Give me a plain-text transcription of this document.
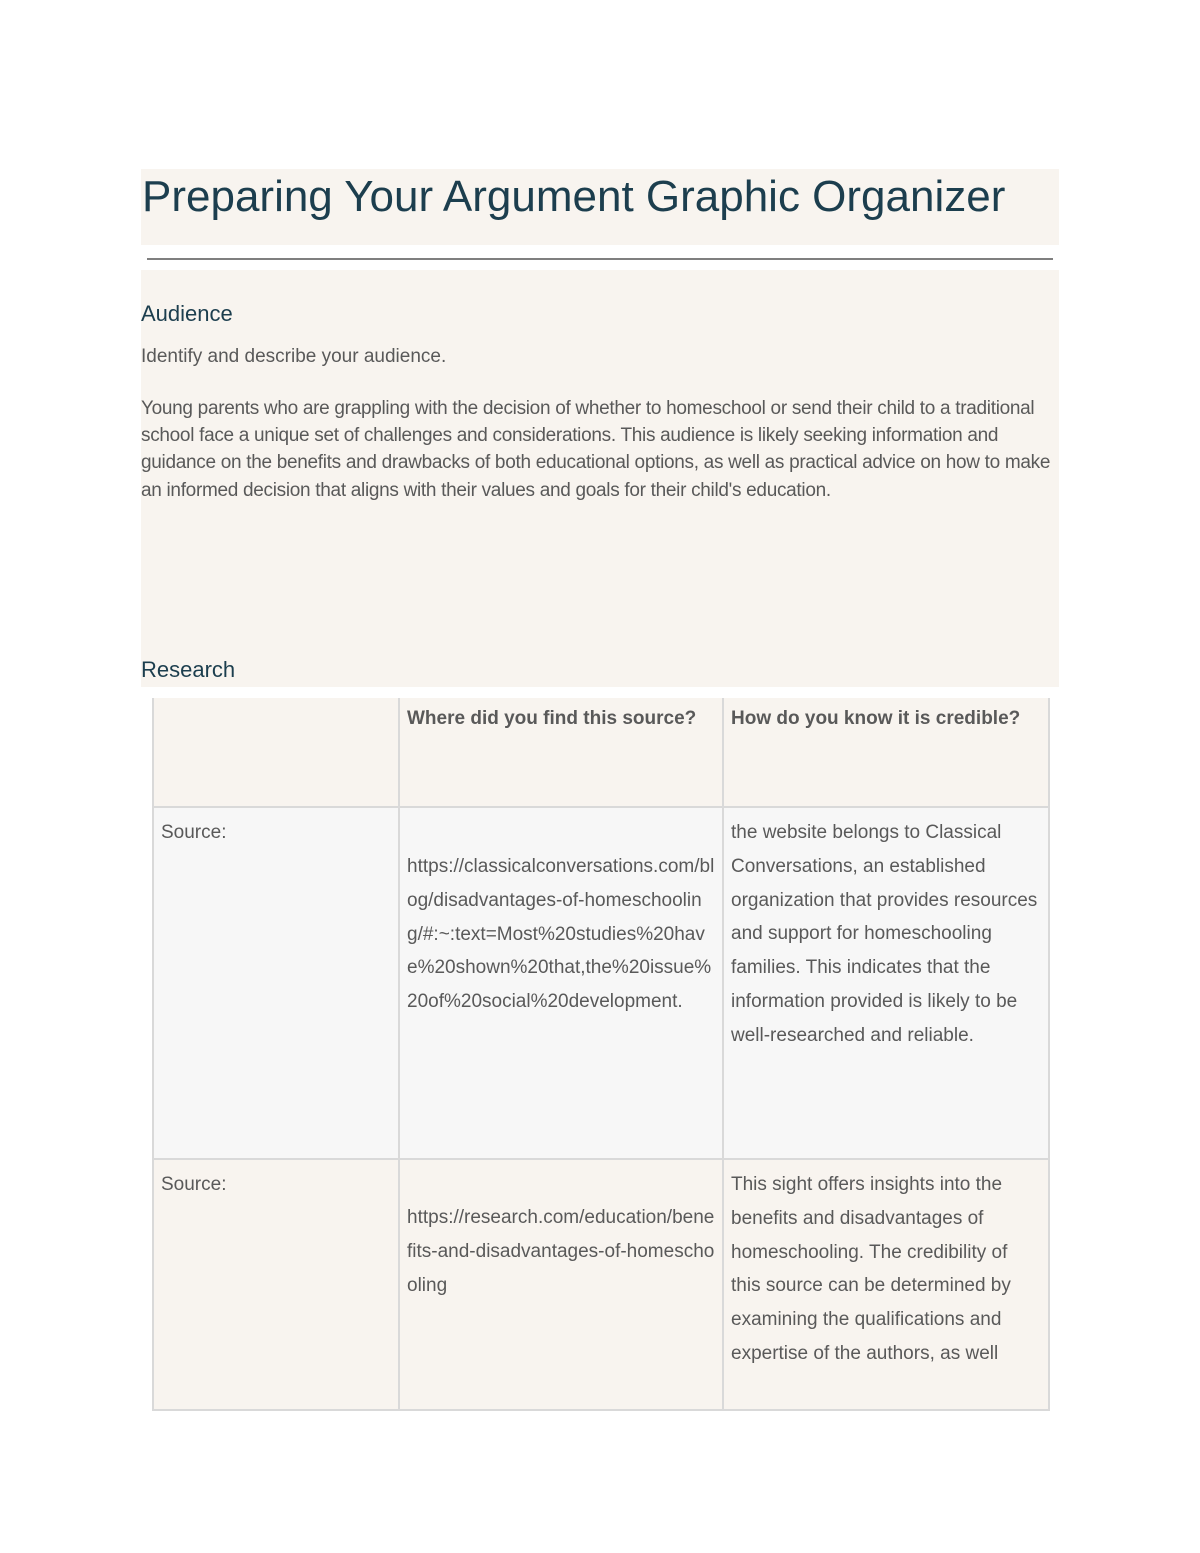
Preparing Your Argument Graphic Organizer
Audience

Identify and describe your audience.

Young parents who are grappling with the decision of whether to homeschool or send their child to a traditional school face a unique set of challenges and considerations. This audience is likely seeking information and guidance on the benefits and drawbacks of both educational options, as well as practical advice on how to make an informed decision that aligns with their values and goals for their child's education.

Research
	Where did you find this source?	How do you know it is credible?
Source:	https://classicalconversations.com/blog/disadvantages-of-homeschooling/#:~:text=Most%20studies%20have%20shown%20that,the%20issue%20of%20social%20development.	the website belongs to Classical Conversations, an established organization that provides resources and support for homeschooling families. This indicates that the information provided is likely to be well-researched and reliable.
Source:	https://research.com/education/benefits-and-disadvantages-of-homeschooling	This sight offers insights into the benefits and disadvantages of homeschooling. The credibility of this source can be determined by examining the qualifications and expertise of the authors, as well
